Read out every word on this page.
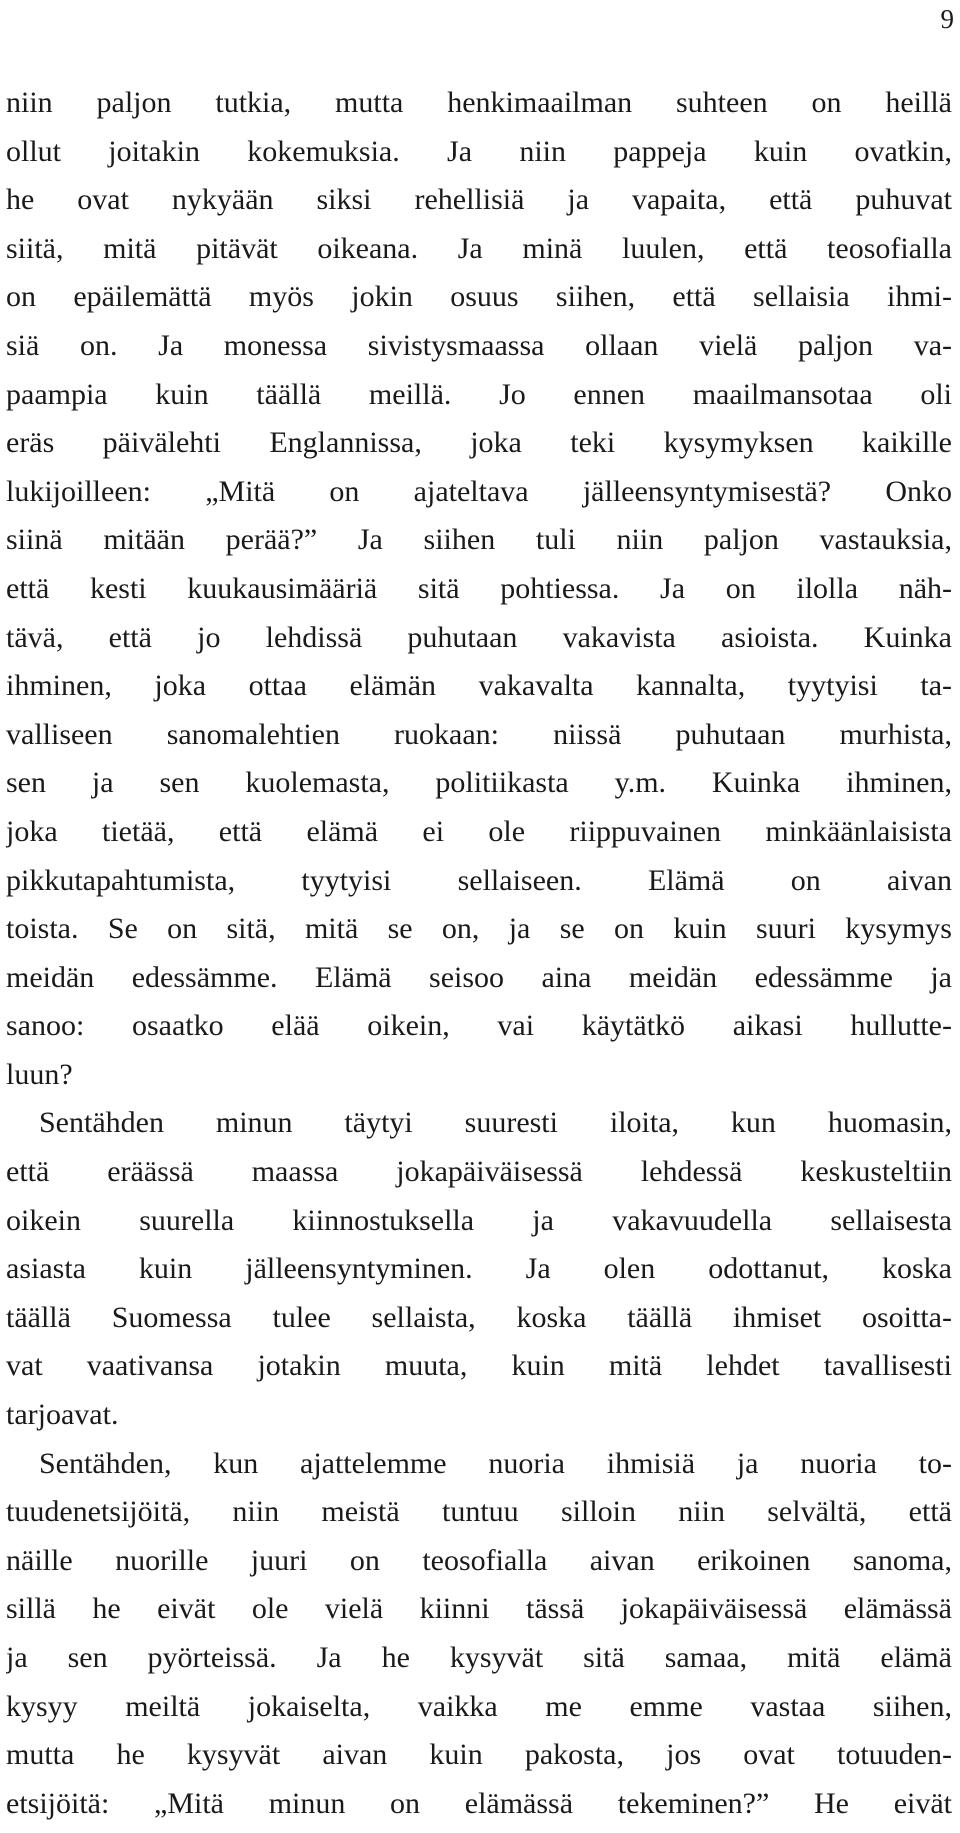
9
niin paljon tutkia, mutta henkimaailman suhteen on heillä
ollut joitakin kokemuksia. Ja niin pappeja kuin ovatkin,
he ovat nykyään siksi rehellisiä ja vapaita, että puhuvat
siitä, mitä pitävät oikeana. Ja minä luulen, että teosofialla
on epäilemättä myös jokin osuus siihen, että sellaisia ihmi-
siä on. Ja monessa sivistysmaassa ollaan vielä paljon va-
paampia kuin täällä meillä. Jo ennen maailmansotaa oli
eräs päivälehti Englannissa, joka teki kysymyksen kaikille
lukijoilleen: „Mitä on ajateltava jälleensyntymisestä? Onko
siinä mitään perää?” Ja siihen tuli niin paljon vastauksia,
että kesti kuukausimääriä sitä pohtiessa. Ja on ilolla näh-
tävä, että jo lehdissä puhutaan vakavista asioista. Kuinka
ihminen, joka ottaa elämän vakavalta kannalta, tyytyisi ta-
valliseen sanomalehtien ruokaan: niissä puhutaan murhista,
sen ja sen kuolemasta, politiikasta y.m. Kuinka ihminen,
joka tietää, että elämä ei ole riippuvainen minkäänlaisista
pikkutapahtumista, tyytyisi sellaiseen. Elämä on aivan
toista. Se on sitä, mitä se on, ja se on kuin suuri kysymys
meidän edessämme. Elämä seisoo aina meidän edessämme ja
sanoo: osaatko elää oikein, vai käytätkö aikasi hullutte-
luun?
Sentähden minun täytyi suuresti iloita, kun huomasin,
että eräässä maassa jokapäiväisessä lehdessä keskusteltiin
oikein suurella kiinnostuksella ja vakavuudella sellaisesta
asiasta kuin jälleensyntyminen. Ja olen odottanut, koska
täällä Suomessa tulee sellaista, koska täällä ihmiset osoitta-
vat vaativansa jotakin muuta, kuin mitä lehdet tavallisesti
tarjoavat.
Sentähden, kun ajattelemme nuoria ihmisiä ja nuoria to-
tuudenetsijöitä, niin meistä tuntuu silloin niin selvältä, että
näille nuorille juuri on teosofialla aivan erikoinen sanoma,
sillä he eivät ole vielä kiinni tässä jokapäiväisessä elämässä
ja sen pyörteissä. Ja he kysyvät sitä samaa, mitä elämä
kysyy meiltä jokaiselta, vaikka me emme vastaa siihen,
mutta he kysyvät aivan kuin pakosta, jos ovat totuuden-
etsijöitä: „Mitä minun on elämässä tekeminen?” He eivät
